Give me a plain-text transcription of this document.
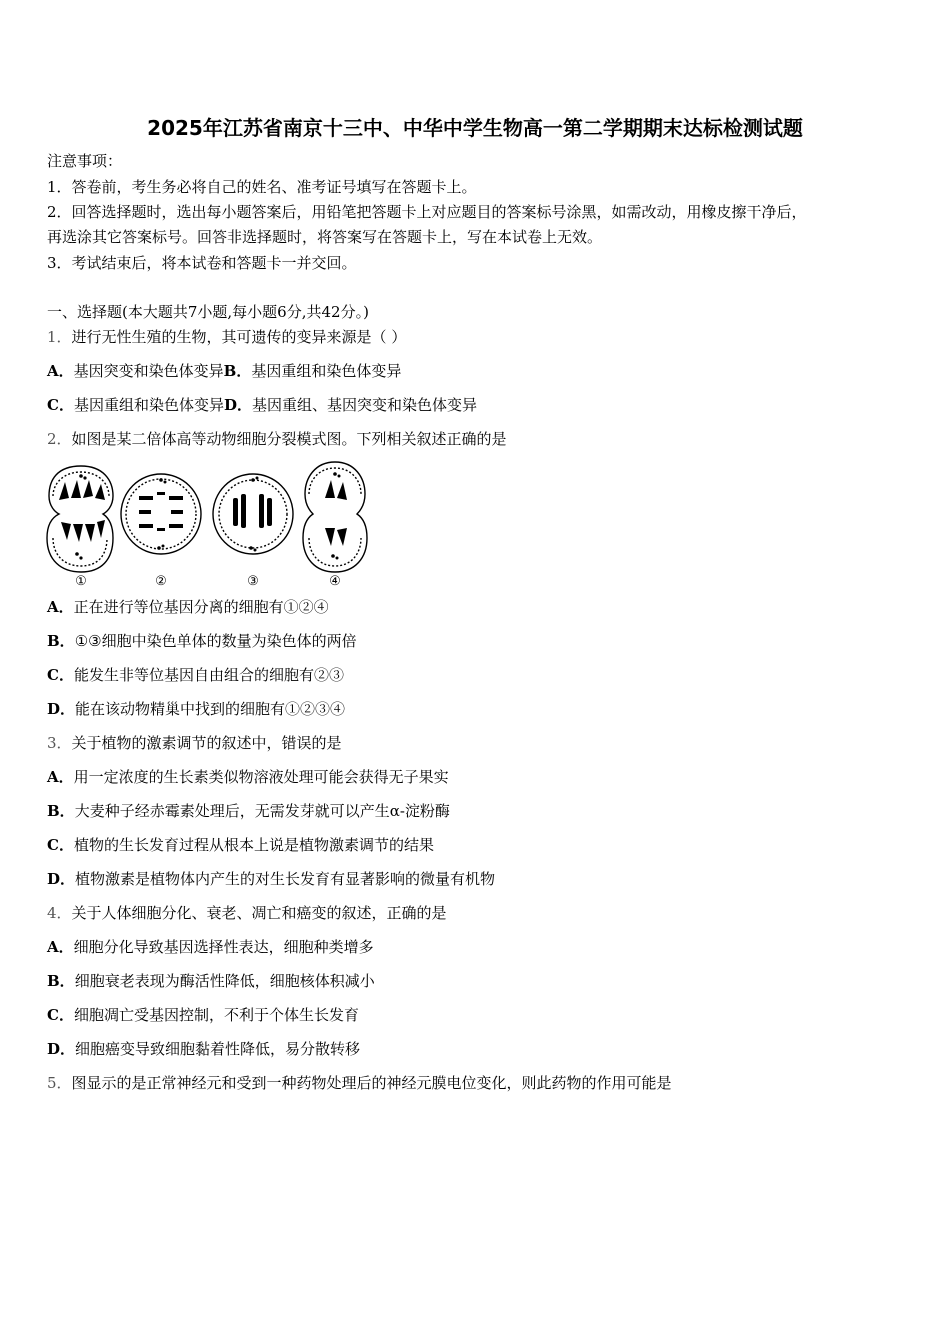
2025年江苏省南京十三中、中华中学生物高一第二学期期末达标检测试题
注意事项：
1．答卷前，考生务必将自己的姓名、准考证号填写在答题卡上。
2．回答选择题时，选出每小题答案后，用铅笔把答题卡上对应题目的答案标号涂黑，如需改动，用橡皮擦干净后，
再选涂其它答案标号。回答非选择题时，将答案写在答题卡上，写在本试卷上无效。
3．考试结束后，将本试卷和答题卡一并交回。
一、选择题(本大题共7小题,每小题6分,共42分。)
1．进行无性生殖的生物，其可遗传的变异来源是（ ）
A．基因突变和染色体变异B．基因重组和染色体变异
C．基因重组和染色体变异D．基因重组、基因突变和染色体变异
2．如图是某二倍体高等动物细胞分裂模式图。下列相关叙述正确的是
①	②	③	④
A．正在进行等位基因分离的细胞有①②④
B．①③细胞中染色单体的数量为染色体的两倍
C．能发生非等位基因自由组合的细胞有②③
D．能在该动物精巢中找到的细胞有①②③④
3．关于植物的激素调节的叙述中，错误的是
A．用一定浓度的生长素类似物溶液处理可能会获得无子果实
B．大麦种子经赤霉素处理后，无需发芽就可以产生α-淀粉酶
C．植物的生长发育过程从根本上说是植物激素调节的结果
D．植物激素是植物体内产生的对生长发育有显著影响的微量有机物
4．关于人体细胞分化、衰老、凋亡和癌变的叙述，正确的是
A．细胞分化导致基因选择性表达，细胞种类增多
B．细胞衰老表现为酶活性降低，细胞核体积减小
C．细胞凋亡受基因控制，不利于个体生长发育
D．细胞癌变导致细胞黏着性降低，易分散转移
5．图显示的是正常神经元和受到一种药物处理后的神经元膜电位变化，则此药物的作用可能是
